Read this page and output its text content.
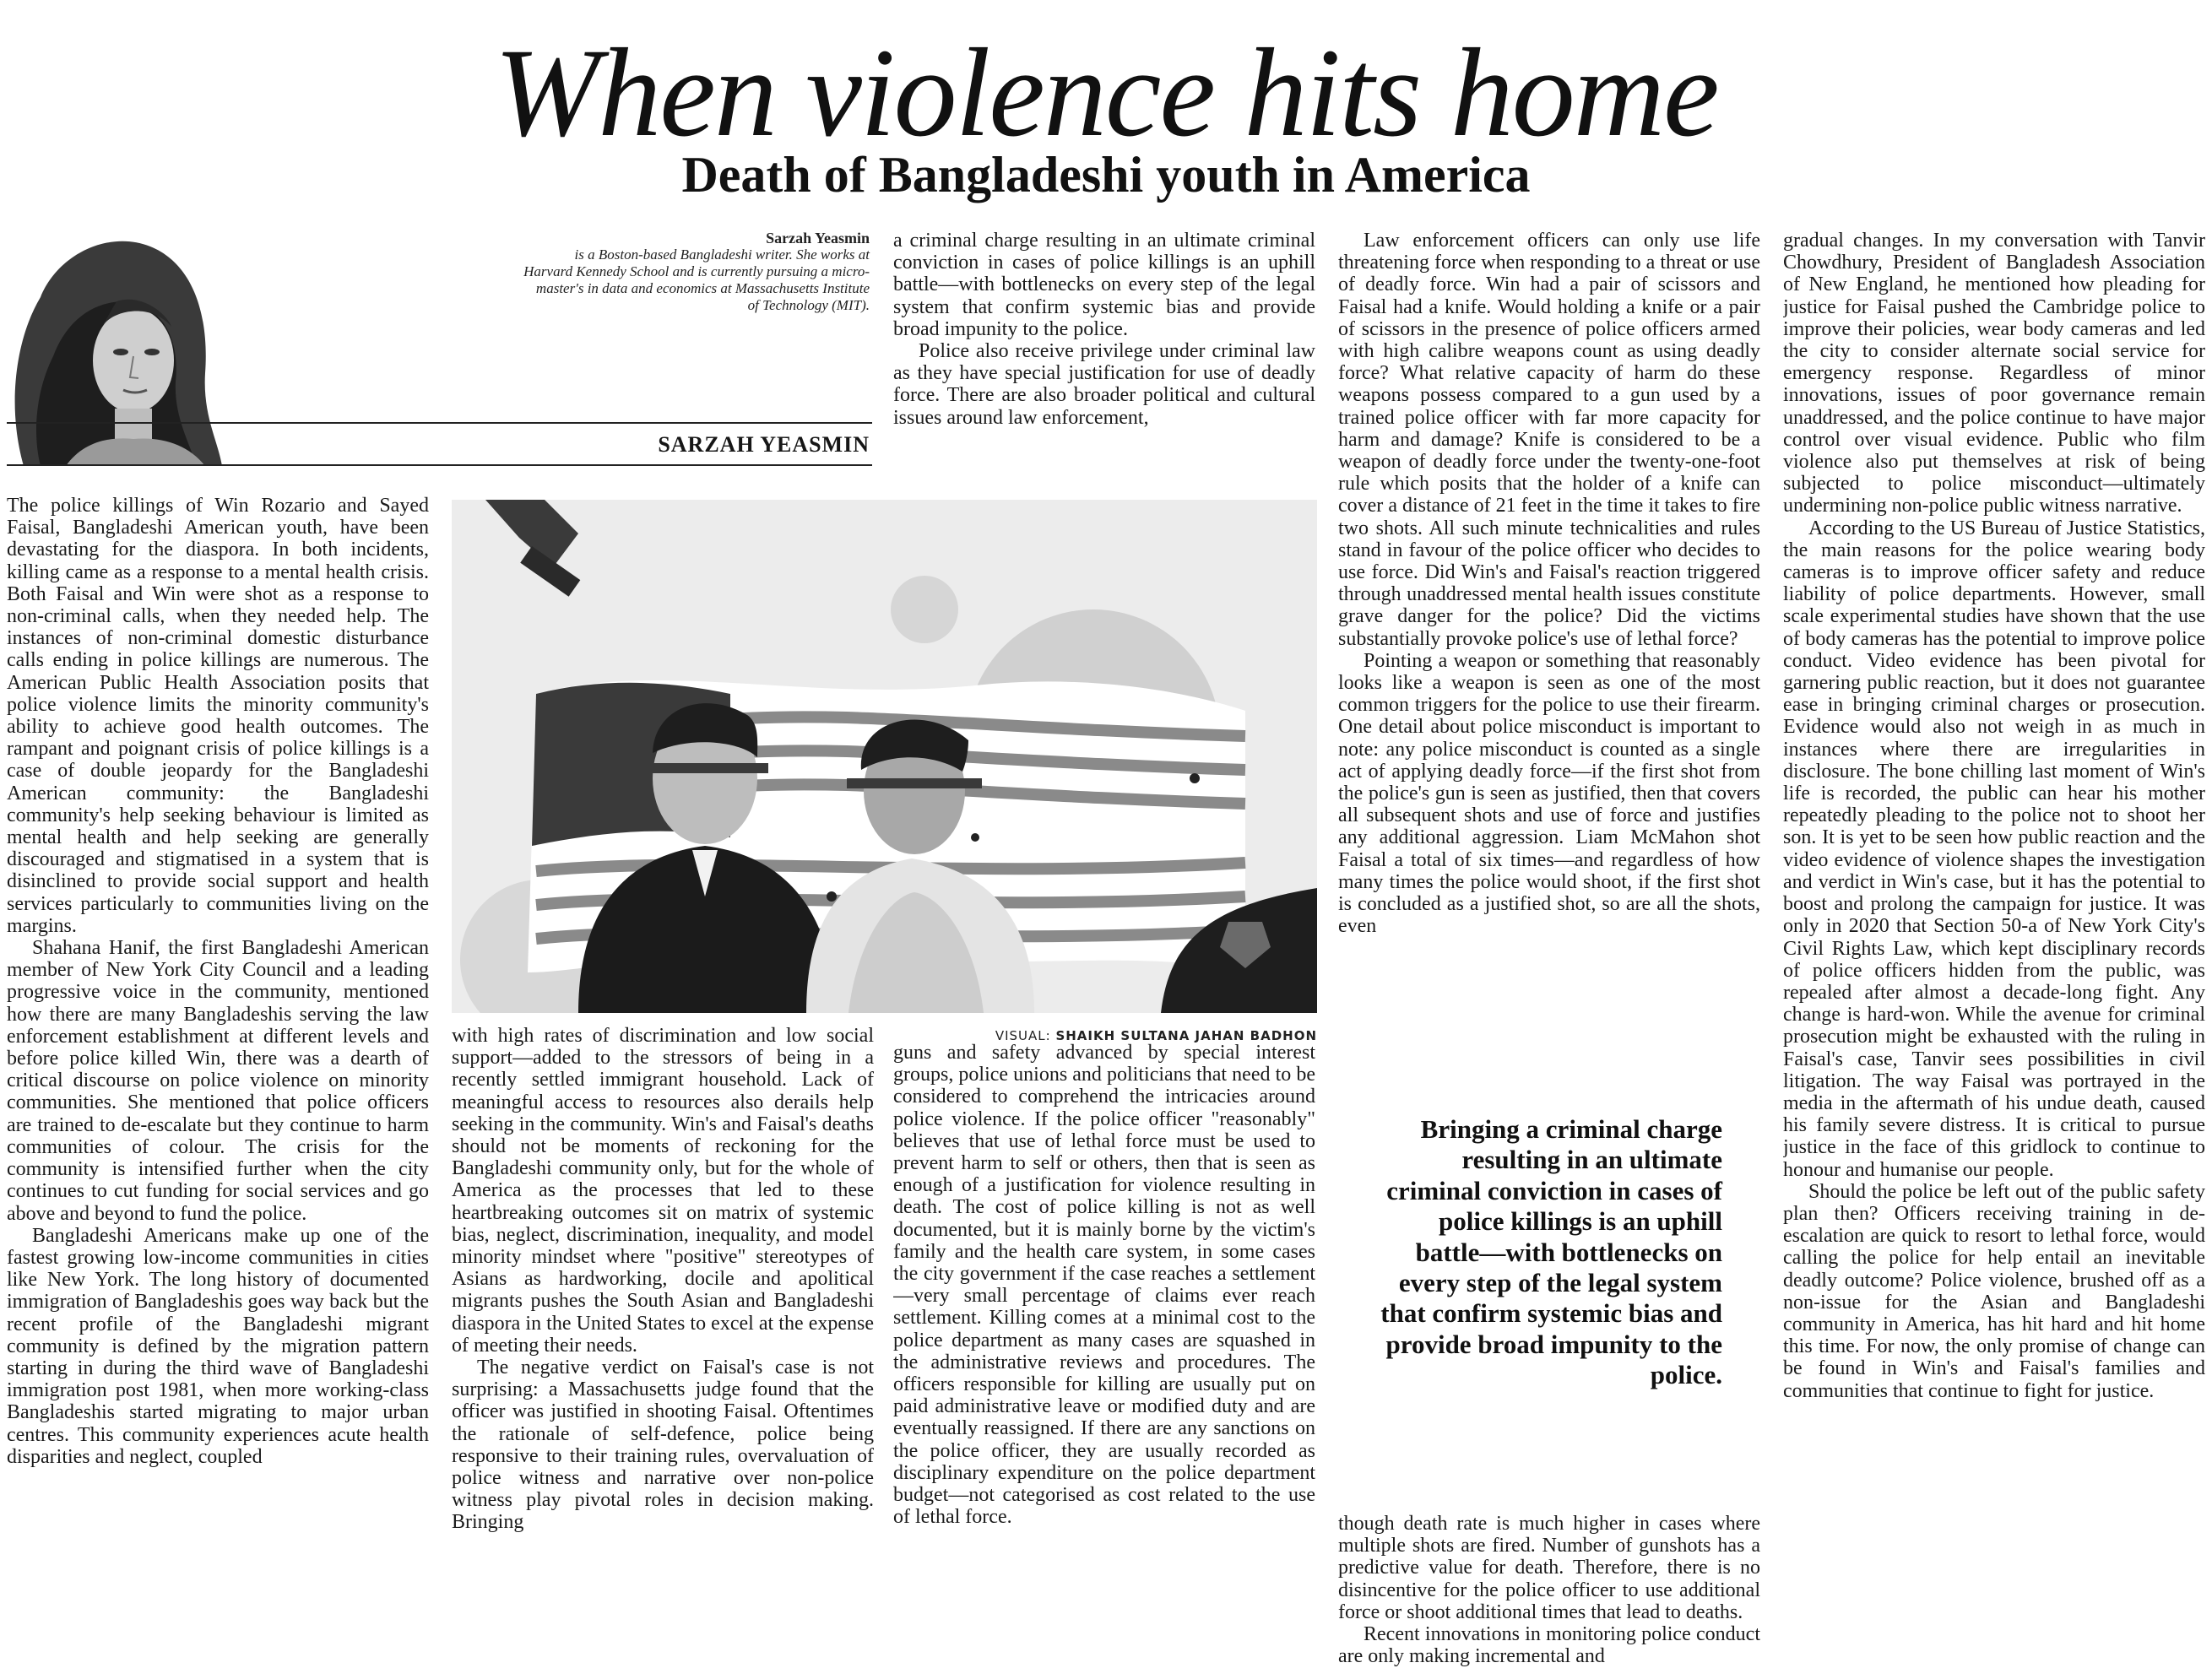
When violence hits home
Death of Bangladeshi youth in America
Sarzah Yeasmin
is a Boston-based Bangladeshi writer. She works at Harvard Kennedy School and is currently pursuing a micro-master's in data and economics at Massachusetts Institute of Technology (MIT).
SARZAH YEASMIN

a criminal charge resulting in an ultimate criminal conviction in cases of police killings is an uphill battle—with bottlenecks on every step of the legal system that confirm systemic bias and provide broad impunity to the police.

Police also receive privilege under criminal law as they have special justification for use of deadly force. There are also broader political and cultural issues around law enforcement,

VISUAL: SHAIKH SULTANA JAHAN BADHON

The police killings of Win Rozario and Sayed Faisal, Bangladeshi American youth, have been devastating for the diaspora. In both incidents, killing came as a response to a mental health crisis. Both Faisal and Win were shot as a response to non-criminal calls, when they needed help. The instances of non-criminal domestic disturbance calls ending in police killings are numerous. The American Public Health Association posits that police violence limits the minority community's ability to achieve good health outcomes. The rampant and poignant crisis of police killings is a case of double jeopardy for the Bangladeshi American community: the Bangladeshi community's help seeking behaviour is limited as mental health and help seeking are generally discouraged and stigmatised in a system that is disinclined to provide social support and health services particularly to communities living on the margins.

Shahana Hanif, the first Bangladeshi American member of New York City Council and a leading progressive voice in the community, mentioned how there are many Bangladeshis serving the law enforcement establishment at different levels and before police killed Win, there was a dearth of critical discourse on police violence on minority communities. She mentioned that police officers are trained to de-escalate but they continue to harm communities of colour. The crisis for the community is intensified further when the city continues to cut funding for social services and go above and beyond to fund the police.

Bangladeshi Americans make up one of the fastest growing low-income communities in cities like New York. The long history of documented immigration of Bangladeshis goes way back but the recent profile of the Bangladeshi migrant community is defined by the migration pattern starting in during the third wave of Bangladeshi immigration post 1981, when more working-class Bangladeshis started migrating to major urban centres. This community experiences acute health disparities and neglect, coupled

with high rates of discrimination and low social support—added to the stressors of being in a recently settled immigrant household. Lack of meaningful access to resources also derails help seeking in the community. Win's and Faisal's deaths should not be moments of reckoning for the Bangladeshi community only, but for the whole of America as the processes that led to these heartbreaking outcomes sit on matrix of systemic bias, neglect, discrimination, inequality, and model minority mindset where "positive" stereotypes of Asians as hardworking, docile and apolitical migrants pushes the South Asian and Bangladeshi diaspora in the United States to excel at the expense of meeting their needs.

The negative verdict on Faisal's case is not surprising: a Massachusetts judge found that the officer was justified in shooting Faisal. Oftentimes the rationale of self-defence, police being responsive to their training rules, overvaluation of police witness and narrative over non-police witness play pivotal roles in decision making. Bringing

guns and safety advanced by special interest groups, police unions and politicians that need to be considered to comprehend the intricacies around police violence. If the police officer "reasonably" believes that use of lethal force must be used to prevent harm to self or others, then that is seen as enough of a justification for violence resulting in death. The cost of police killing is not as well documented, but it is mainly borne by the victim's family and the health care system, in some cases the city government if the case reaches a settlement—very small percentage of claims ever reach settlement. Killing comes at a minimal cost to the police department as many cases are squashed in the administrative reviews and procedures. The officers responsible for killing are usually put on paid administrative leave or modified duty and are eventually reassigned. If there are any sanctions on the police officer, they are usually recorded as disciplinary expenditure on the police department budget—not categorised as cost related to the use of lethal force.

Law enforcement officers can only use life threatening force when responding to a threat or use of deadly force. Win had a pair of scissors and Faisal had a knife. Would holding a knife or a pair of scissors in the presence of police officers armed with high calibre weapons count as using deadly force? What relative capacity of harm do these weapons possess compared to a gun used by a trained police officer with far more capacity for harm and damage? Knife is considered to be a weapon of deadly force under the twenty-one-foot rule which posits that the holder of a knife can cover a distance of 21 feet in the time it takes to fire two shots. All such minute technicalities and rules stand in favour of the police officer who decides to use force. Did Win's and Faisal's reaction triggered through unaddressed mental health issues constitute grave danger for the police? Did the victims substantially provoke police's use of lethal force?

Pointing a weapon or something that reasonably looks like a weapon is seen as one of the most common triggers for the police to use their firearm. One detail about police misconduct is important to note: any police misconduct is counted as a single act of applying deadly force—if the first shot from the police's gun is seen as justified, then that covers all subsequent shots and use of force and justifies any additional aggression. Liam McMahon shot Faisal a total of six times—and regardless of how many times the police would shoot, if the first shot is concluded as a justified shot, so are all the shots, even

Bringing a criminal charge resulting in an ultimate criminal conviction in cases of police killings is an uphill battle—with bottlenecks on every step of the legal system that confirm systemic bias and provide broad impunity to the police.

though death rate is much higher in cases where multiple shots are fired. Number of gunshots has a predictive value for death. Therefore, there is no disincentive for the police officer to use additional force or shoot additional times that lead to deaths.

Recent innovations in monitoring police conduct are only making incremental and

gradual changes. In my conversation with Tanvir Chowdhury, President of Bangladesh Association of New England, he mentioned how pleading for justice for Faisal pushed the Cambridge police to improve their policies, wear body cameras and led the city to consider alternate social service for emergency response. Regardless of minor innovations, issues of poor governance remain unaddressed, and the police continue to have major control over visual evidence. Public who film violence also put themselves at risk of being subjected to police misconduct—ultimately undermining non-police public witness narrative.

According to the US Bureau of Justice Statistics, the main reasons for the police wearing body cameras is to improve officer safety and reduce liability of police departments. However, small scale experimental studies have shown that the use of body cameras has the potential to improve police conduct. Video evidence has been pivotal for garnering public reaction, but it does not guarantee ease in bringing criminal charges or prosecution. Evidence would also not weigh in as much in instances where there are irregularities in disclosure. The bone chilling last moment of Win's life is recorded, the public can hear his mother repeatedly pleading to the police not to shoot her son. It is yet to be seen how public reaction and the video evidence of violence shapes the investigation and verdict in Win's case, but it has the potential to boost and prolong the campaign for justice. It was only in 2020 that Section 50-a of New York City's Civil Rights Law, which kept disciplinary records of police officers hidden from the public, was repealed after almost a decade-long fight. Any change is hard-won. While the avenue for criminal prosecution might be exhausted with the ruling in Faisal's case, Tanvir sees possibilities in civil litigation. The way Faisal was portrayed in the media in the aftermath of his undue death, caused his family severe distress. It is critical to pursue justice in the face of this gridlock to continue to honour and humanise our people.

Should the police be left out of the public safety plan then? Officers receiving training in de-escalation are quick to resort to lethal force, would calling the police for help entail an inevitable deadly outcome? Police violence, brushed off as a non-issue for the Asian and Bangladeshi community in America, has hit hard and hit home this time. For now, the only promise of change can be found in Win's and Faisal's families and communities that continue to fight for justice.
